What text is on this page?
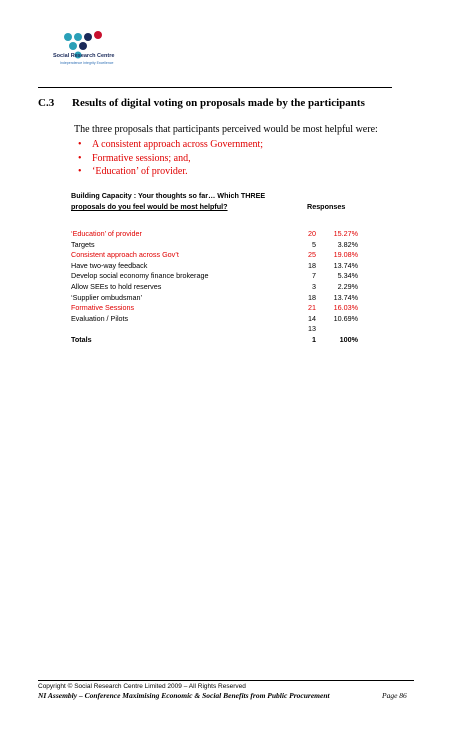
Social Research Centre
Independence Integrity Excellence
C.3 Results of digital voting on proposals made by the participants
The three proposals that participants perceived would be most helpful were:
• A consistent approach across Government;
• Formative sessions; and,
• ‘Education’ of provider.
Building Capacity : Your thoughts so far… Which THREE
proposals do you feel would be most helpful?	Responses
‘Education’ of provider	20 15.27%
Targets	5	3.82%
Consistent approach across Gov’t	25 19.08%
Have two-way feedback	18 13.74%
Develop social economy finance brokerage	7	5.34%
Allow SEEs to hold reserves	3	2.29%
‘Supplier ombudsman’	18 13.74%
Formative Sessions	21 16.03%
Evaluation / Pilots	14 10.69%
13
Totals	1	100%
Copyright © Social Research Centre Limited 2009 – All Rights Reserved
NI Assembly – Conference Maximising Economic & Social Benefits from Public Procurement	Page 86
